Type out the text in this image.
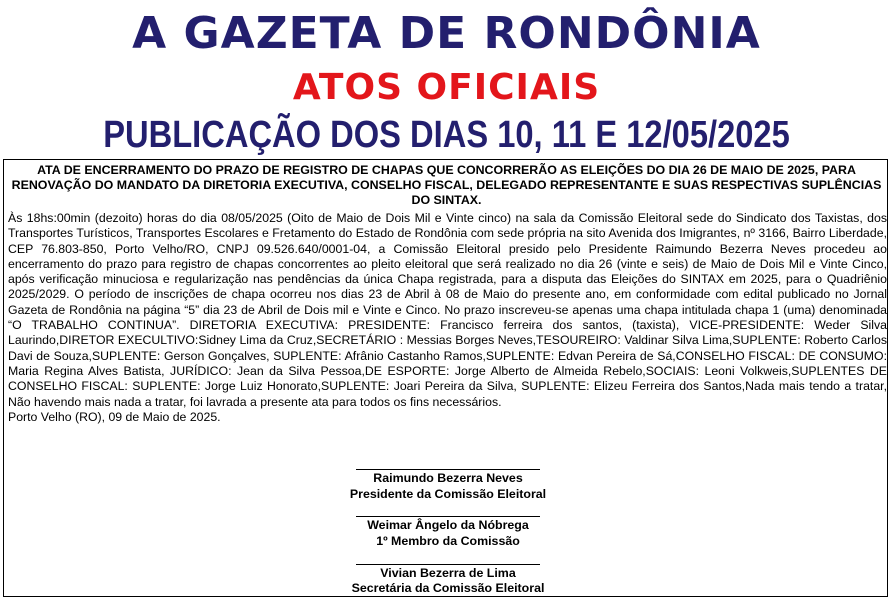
A GAZETA DE RONDÔNIA
ATOS OFICIAIS
PUBLICAÇÃO DOS DIAS 10, 11 E 12/05/2025
ATA DE ENCERRAMENTO DO PRAZO DE REGISTRO DE CHAPAS QUE CONCORRERÃO AS ELEIÇÕES DO DIA 26 DE MAIO DE 2025, PARA RENOVAÇÃO DO MANDATO DA DIRETORIA EXECUTIVA, CONSELHO FISCAL, DELEGADO REPRESENTANTE E SUAS RESPECTIVAS SUPLÊNCIAS DO SINTAX.

Às 18hs:00min (dezoito) horas do dia 08/05/2025 (Oito de Maio de Dois Mil e Vinte cinco) na sala da Comissão Eleitoral sede do Sindicato dos Taxistas, dos Transportes Turísticos, Transportes Escolares e Fretamento do Estado de Rondônia com sede própria na sito Avenida dos Imigrantes, nº 3166, Bairro Liberdade, CEP 76.803-850, Porto Velho/RO, CNPJ 09.526.640/0001-04, a Comissão Eleitoral presido pelo Presidente Raimundo Bezerra Neves procedeu ao encerramento do prazo para registro de chapas concorrentes ao pleito eleitoral que será realizado no dia 26 (vinte e seis) de Maio de Dois Mil e Vinte Cinco, após verificação minuciosa e regularização nas pendências da única Chapa registrada, para a disputa das Eleições do SINTAX em 2025, para o Quadriênio 2025/2029. O período de inscrições de chapa ocorreu nos dias 23 de Abril à 08 de Maio do presente ano, em conformidade com edital publicado no Jornal Gazeta de Rondônia na página “5” dia 23 de Abril de Dois mil e Vinte e Cinco. No prazo inscreveu-se apenas uma chapa intitulada chapa 1 (uma) denominada “O TRABALHO CONTINUA”. DIRETORIA EXECUTIVA: PRESIDENTE: Francisco ferreira dos santos, (taxista), VICE-PRESIDENTE: Weder Silva Laurindo,DIRETOR EXECULTIVO:Sidney Lima da Cruz,SECRETÁRIO : Messias Borges Neves,TESOUREIRO: Valdinar Silva Lima,SUPLENTE: Roberto Carlos Davi de Souza,SUPLENTE: Gerson Gonçalves, SUPLENTE: Afrânio Castanho Ramos,SUPLENTE: Edvan Pereira de Sá,CONSELHO FISCAL: DE CONSUMO: Maria Regina Alves Batista, JURÍDICO: Jean da Silva Pessoa,DE ESPORTE: Jorge Alberto de Almeida Rebelo,SOCIAIS: Leoni Volkweis,SUPLENTES DE CONSELHO FISCAL: SUPLENTE: Jorge Luiz Honorato,SUPLENTE: Joari Pereira da Silva, SUPLENTE: Elizeu Ferreira dos Santos,Nada mais tendo a tratar, Não havendo mais nada a tratar, foi lavrada a presente ata para todos os fins necessários.

Porto Velho (RO), 09 de Maio de 2025.

Raimundo Bezerra Neves
Presidente da Comissão Eleitoral
Weimar Ângelo da Nóbrega
1º Membro da Comissão
Vivian Bezerra de Lima
Secretária da Comissão Eleitoral
